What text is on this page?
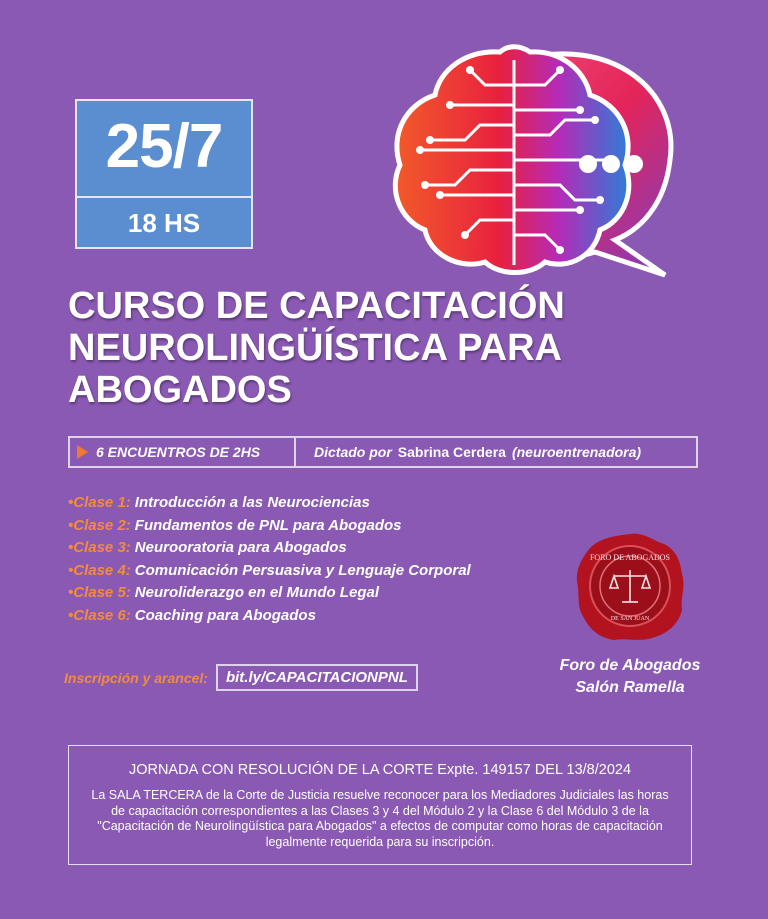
25/7
18 HS
CURSO DE CAPACITACIÓN
NEUROLINGÜÍSTICA PARA
ABOGADOS
6 ENCUENTROS DE 2HS	Dictado por Sabrina Cerdera (neuroentrenadora)
•Clase 1: Introducción a las Neurociencias
•Clase 2: Fundamentos de PNL para Abogados
•Clase 3: Neurooratoria para Abogados
•Clase 4: Comunicación Persuasiva y Lenguaje Corporal
•Clase 5: Neuroliderazgo en el Mundo Legal
•Clase 6: Coaching para Abogados
Inscripción y arancel:	bit.ly/CAPACITACIONPNL
FORO DE ABOGADOS
DE SAN JUAN
Foro de Abogados
Salón Ramella
JORNADA CON RESOLUCIÓN DE LA CORTE Expte. 149157 DEL 13/8/2024
La SALA TERCERA de la Corte de Justicia resuelve reconocer para los Mediadores Judiciales las horas de capacitación correspondientes a las Clases 3 y 4 del Módulo 2 y la Clase 6 del Módulo 3 de la "Capacitación de Neurolingüística para Abogados" a efectos de computar como horas de capacitación legalmente requerida para su inscripción.
